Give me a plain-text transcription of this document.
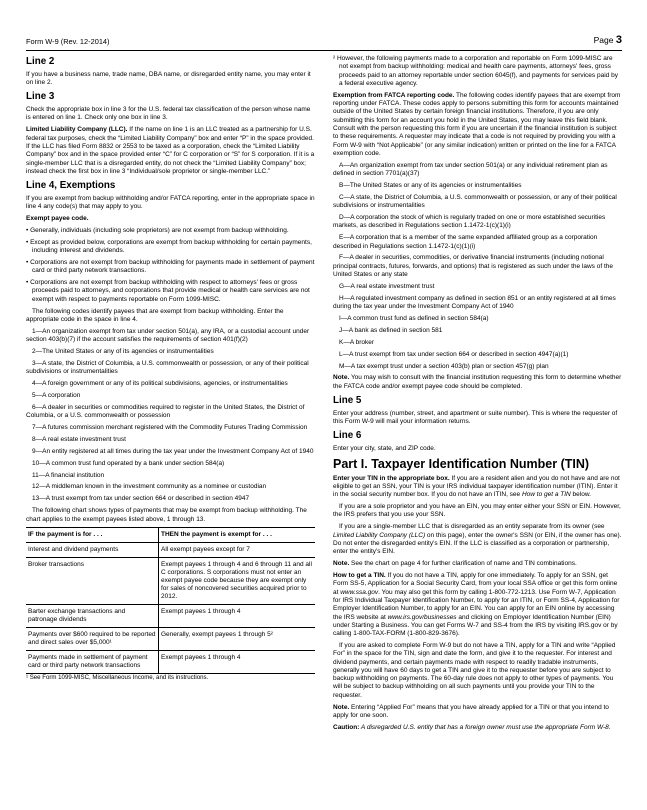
Form W-9 (Rev. 12-2014)	Page 3
Line 2

If you have a business name, trade name, DBA name, or disregarded entity name, you may enter it on line 2.

Line 3

Check the appropriate box in line 3 for the U.S. federal tax classification of the person whose name is entered on line 1. Check only one box in line 3.

Limited Liability Company (LLC). If the name on line 1 is an LLC treated as a partnership for U.S. federal tax purposes, check the “Limited Liability Company” box and enter “P” in the space provided. If the LLC has filed Form 8832 or 2553 to be taxed as a corporation, check the “Limited Liability Company” box and in the space provided enter “C” for C corporation or “S” for S corporation. If it is a single-member LLC that is a disregarded entity, do not check the “Limited Liability Company” box; instead check the first box in line 3 “Individual/sole proprietor or single-member LLC.”

Line 4, Exemptions

If you are exempt from backup withholding and/or FATCA reporting, enter in the appropriate space in line 4 any code(s) that may apply to you.

Exempt payee code.

• Generally, individuals (including sole proprietors) are not exempt from backup withholding.

• Except as provided below, corporations are exempt from backup withholding for certain payments, including interest and dividends.

• Corporations are not exempt from backup withholding for payments made in settlement of payment card or third party network transactions.

• Corporations are not exempt from backup withholding with respect to attorneys' fees or gross proceeds paid to attorneys, and corporations that provide medical or health care services are not exempt with respect to payments reportable on Form 1099-MISC.

The following codes identify payees that are exempt from backup withholding. Enter the appropriate code in the space in line 4.

1—An organization exempt from tax under section 501(a), any IRA, or a custodial account under section 403(b)(7) if the account satisfies the requirements of section 401(f)(2)

2—The United States or any of its agencies or instrumentalities

3—A state, the District of Columbia, a U.S. commonwealth or possession, or any of their political subdivisions or instrumentalities

4—A foreign government or any of its political subdivisions, agencies, or instrumentalities

5—A corporation

6—A dealer in securities or commodities required to register in the United States, the District of Columbia, or a U.S. commonwealth or possession

7—A futures commission merchant registered with the Commodity Futures Trading Commission

8—A real estate investment trust

9—An entity registered at all times during the tax year under the Investment Company Act of 1940

10—A common trust fund operated by a bank under section 584(a)

11—A financial institution

12—A middleman known in the investment community as a nominee or custodian

13—A trust exempt from tax under section 664 or described in section 4947

The following chart shows types of payments that may be exempt from backup withholding. The chart applies to the exempt payees listed above, 1 through 13.

IF the payment is for . . .	THEN the payment is exempt for . . .
Interest and dividend payments	All exempt payees except for 7
Broker transactions	Exempt payees 1 through 4 and 6 through 11 and all C corporations. S corporations must not enter an exempt payee code because they are exempt only for sales of noncovered securities acquired prior to 2012.
Barter exchange transactions and patronage dividends	Exempt payees 1 through 4
Payments over $600 required to be reported and direct sales over $5,000¹	Generally, exempt payees 1 through 5²
Payments made in settlement of payment card or third party network transactions	Exempt payees 1 through 4

¹ See Form 1099-MISC, Miscellaneous Income, and its instructions.

² However, the following payments made to a corporation and reportable on Form 1099-MISC are not exempt from backup withholding: medical and health care payments, attorneys' fees, gross proceeds paid to an attorney reportable under section 6045(f), and payments for services paid by a federal executive agency.

Exemption from FATCA reporting code. The following codes identify payees that are exempt from reporting under FATCA. These codes apply to persons submitting this form for accounts maintained outside of the United States by certain foreign financial institutions. Therefore, if you are only submitting this form for an account you hold in the United States, you may leave this field blank. Consult with the person requesting this form if you are uncertain if the financial institution is subject to these requirements. A requester may indicate that a code is not required by providing you with a Form W-9 with “Not Applicable” (or any similar indication) written or printed on the line for a FATCA exemption code.

A—An organization exempt from tax under section 501(a) or any individual retirement plan as defined in section 7701(a)(37)

B—The United States or any of its agencies or instrumentalities

C—A state, the District of Columbia, a U.S. commonwealth or possession, or any of their political subdivisions or instrumentalities

D—A corporation the stock of which is regularly traded on one or more established securities markets, as described in Regulations section 1.1472-1(c)(1)(i)

E—A corporation that is a member of the same expanded affiliated group as a corporation described in Regulations section 1.1472-1(c)(1)(i)

F—A dealer in securities, commodities, or derivative financial instruments (including notional principal contracts, futures, forwards, and options) that is registered as such under the laws of the United States or any state

G—A real estate investment trust

H—A regulated investment company as defined in section 851 or an entity registered at all times during the tax year under the Investment Company Act of 1940

I—A common trust fund as defined in section 584(a)

J—A bank as defined in section 581

K—A broker

L—A trust exempt from tax under section 664 or described in section 4947(a)(1)

M—A tax exempt trust under a section 403(b) plan or section 457(g) plan

Note. You may wish to consult with the financial institution requesting this form to determine whether the FATCA code and/or exempt payee code should be completed.

Line 5

Enter your address (number, street, and apartment or suite number). This is where the requester of this Form W-9 will mail your information returns.

Line 6

Enter your city, state, and ZIP code.

Part I. Taxpayer Identification Number (TIN)

Enter your TIN in the appropriate box. If you are a resident alien and you do not have and are not eligible to get an SSN, your TIN is your IRS individual taxpayer identification number (ITIN). Enter it in the social security number box. If you do not have an ITIN, see How to get a TIN below.

If you are a sole proprietor and you have an EIN, you may enter either your SSN or EIN. However, the IRS prefers that you use your SSN.

If you are a single-member LLC that is disregarded as an entity separate from its owner (see Limited Liability Company (LLC) on this page), enter the owner's SSN (or EIN, if the owner has one). Do not enter the disregarded entity's EIN. If the LLC is classified as a corporation or partnership, enter the entity's EIN.

Note. See the chart on page 4 for further clarification of name and TIN combinations.

How to get a TIN. If you do not have a TIN, apply for one immediately. To apply for an SSN, get Form SS-5, Application for a Social Security Card, from your local SSA office or get this form online at www.ssa.gov. You may also get this form by calling 1-800-772-1213. Use Form W-7, Application for IRS Individual Taxpayer Identification Number, to apply for an ITIN, or Form SS-4, Application for Employer Identification Number, to apply for an EIN. You can apply for an EIN online by accessing the IRS website at www.irs.gov/businesses and clicking on Employer Identification Number (EIN) under Starting a Business. You can get Forms W-7 and SS-4 from the IRS by visiting IRS.gov or by calling 1-800-TAX-FORM (1-800-829-3676).

If you are asked to complete Form W-9 but do not have a TIN, apply for a TIN and write “Applied For” in the space for the TIN, sign and date the form, and give it to the requester. For interest and dividend payments, and certain payments made with respect to readily tradable instruments, generally you will have 60 days to get a TIN and give it to the requester before you are subject to backup withholding on payments. The 60-day rule does not apply to other types of payments. You will be subject to backup withholding on all such payments until you provide your TIN to the requester.

Note. Entering “Applied For” means that you have already applied for a TIN or that you intend to apply for one soon.

Caution: A disregarded U.S. entity that has a foreign owner must use the appropriate Form W-8.
